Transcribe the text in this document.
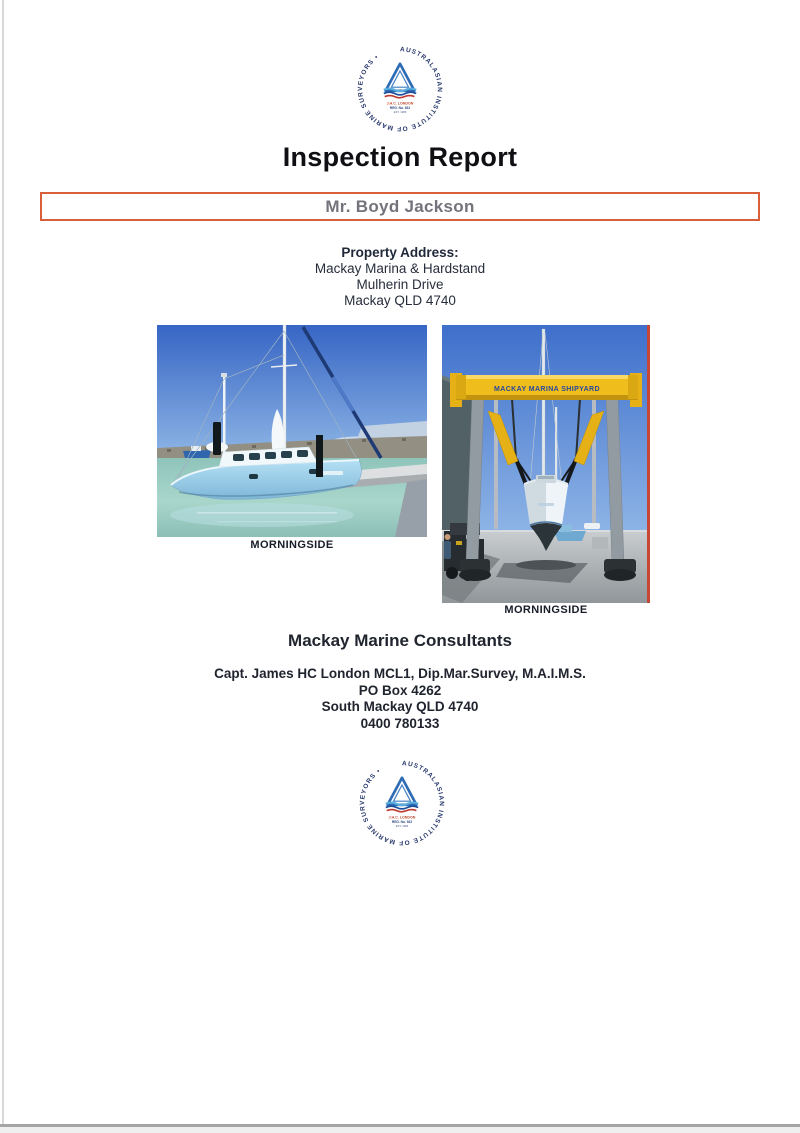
AUSTRALASIAN INSTITUTE OF MARINE SURVEYORS •
J.H.C. LONDON
REG. No. 922
EST. 1986
Inspection Report
Mr. Boyd Jackson
Property Address:
Mackay Marina & Hardstand
Mulherin Drive
Mackay QLD 4740
MORNINGSIDE
MACKAY MARINA SHIPYARD
MORNINGSIDE
Mackay Marine Consultants
Capt. James HC London MCL1, Dip.Mar.Survey, M.A.I.M.S.
PO Box 4262
South Mackay QLD 4740
0400 780133
AUSTRALASIAN INSTITUTE OF MARINE SURVEYORS •
J.H.C. LONDON
REG. No. 922
EST. 1986
